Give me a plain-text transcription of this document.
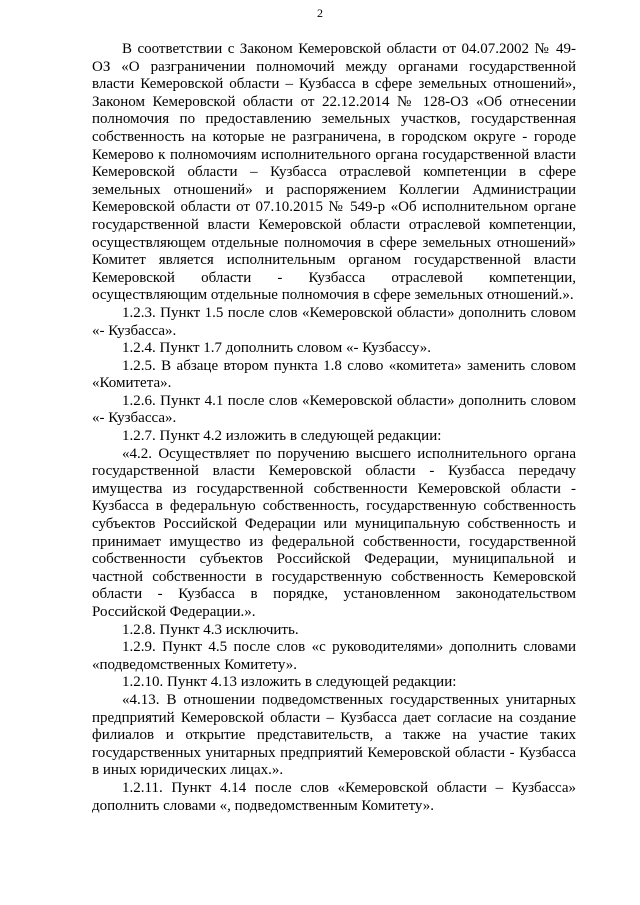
2

В соответствии с Законом Кемеровской области от 04.07.2002 № 49-ОЗ «О разграничении полномочий между органами государственной власти Кемеровской области – Кузбасса в сфере земельных отношений», Законом Кемеровской области от 22.12.2014 № 128-ОЗ «Об отнесении полномочия по предоставлению земельных участков, государственная собственность на которые не разграничена, в городском округе - городе Кемерово к полномочиям исполнительного органа государственной власти Кемеровской области – Кузбасса отраслевой компетенции в сфере земельных отношений» и распоряжением Коллегии Администрации Кемеровской области от 07.10.2015 № 549-р «Об исполнительном органе государственной власти Кемеровской области отраслевой компетенции, осуществляющем отдельные полномочия в сфере земельных отношений» Комитет является исполнительным органом государственной власти Кемеровской области - Кузбасса отраслевой компетенции, осуществляющим отдельные полномочия в сфере земельных отношений.».

1.2.3. Пункт 1.5 после слов «Кемеровской области» дополнить словом «- Кузбасса».

1.2.4. Пункт 1.7 дополнить словом «- Кузбассу».

1.2.5. В абзаце втором пункта 1.8 слово «комитета» заменить словом «Комитета».

1.2.6. Пункт 4.1 после слов «Кемеровской области» дополнить словом «- Кузбасса».

1.2.7. Пункт 4.2 изложить в следующей редакции:

«4.2. Осуществляет по поручению высшего исполнительного органа государственной власти Кемеровской области - Кузбасса передачу имущества из государственной собственности Кемеровской области - Кузбасса в федеральную собственность, государственную собственность субъектов Российской Федерации или муниципальную собственность и принимает имущество из федеральной собственности, государственной собственности субъектов Российской Федерации, муниципальной и частной собственности в государственную собственность Кемеровской области - Кузбасса в порядке, установленном законодательством Российской Федерации.».

1.2.8. Пункт 4.3 исключить.

1.2.9. Пункт 4.5 после слов «с руководителями» дополнить словами «подведомственных Комитету».

1.2.10. Пункт 4.13 изложить в следующей редакции:

«4.13. В отношении подведомственных государственных унитарных предприятий Кемеровской области – Кузбасса дает согласие на создание филиалов и открытие представительств, а также на участие таких государственных унитарных предприятий Кемеровской области - Кузбасса в иных юридических лицах.».

1.2.11. Пункт 4.14 после слов «Кемеровской области – Кузбасса» дополнить словами «, подведомственным Комитету».
